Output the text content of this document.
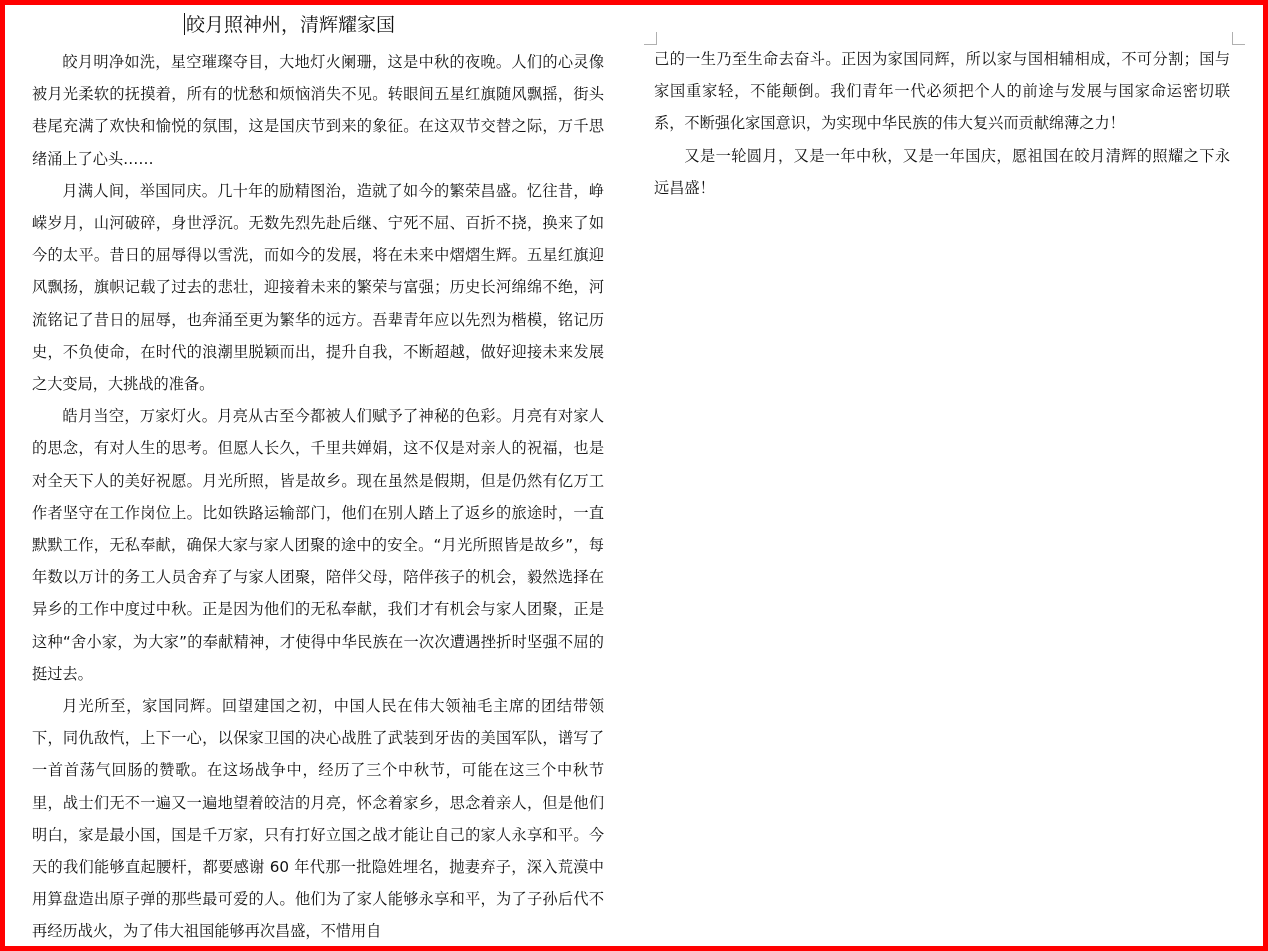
皎月照神州，清辉耀家国

皎月明净如洗，星空璀璨夺目，大地灯火阑珊，这是中秋的夜晚。人们的心灵像被月光柔软的抚摸着，所有的忧愁和烦恼消失不见。转眼间五星红旗随风飘摇，街头巷尾充满了欢快和愉悦的氛围，这是国庆节到来的象征。在这双节交替之际，万千思绪涌上了心头……

月满人间，举国同庆。几十年的励精图治，造就了如今的繁荣昌盛。忆往昔，峥嵘岁月，山河破碎，身世浮沉。无数先烈先赴后继、宁死不屈、百折不挠，换来了如今的太平。昔日的屈辱得以雪洗，而如今的发展，将在未来中熠熠生辉。五星红旗迎风飘扬，旗帜记载了过去的悲壮，迎接着未来的繁荣与富强；历史长河绵绵不绝，河流铭记了昔日的屈辱，也奔涌至更为繁华的远方。吾辈青年应以先烈为楷模，铭记历史，不负使命，在时代的浪潮里脱颖而出，提升自我，不断超越，做好迎接未来发展之大变局，大挑战的准备。

皓月当空，万家灯火。月亮从古至今都被人们赋予了神秘的色彩。月亮有对家人的思念，有对人生的思考。但愿人长久，千里共婵娟，这不仅是对亲人的祝福，也是对全天下人的美好祝愿。月光所照，皆是故乡。现在虽然是假期，但是仍然有亿万工作者坚守在工作岗位上。比如铁路运输部门，他们在别人踏上了返乡的旅途时，一直默默工作，无私奉献，确保大家与家人团聚的途中的安全。“月光所照皆是故乡”，每年数以万计的务工人员舍弃了与家人团聚，陪伴父母，陪伴孩子的机会，毅然选择在异乡的工作中度过中秋。正是因为他们的无私奉献，我们才有机会与家人团聚，正是这种“舍小家，为大家”的奉献精神，才使得中华民族在一次次遭遇挫折时坚强不屈的挺过去。

月光所至，家国同辉。回望建国之初，中国人民在伟大领袖毛主席的团结带领下，同仇敌忾，上下一心，以保家卫国的决心战胜了武装到牙齿的美国军队，谱写了一首首荡气回肠的赞歌。在这场战争中，经历了三个中秋节，可能在这三个中秋节里，战士们无不一遍又一遍地望着皎洁的月亮，怀念着家乡，思念着亲人，但是他们明白，家是最小国，国是千万家，只有打好立国之战才能让自己的家人永享和平。今天的我们能够直起腰杆，都要感谢 60 年代那一批隐姓埋名，抛妻弃子，深入荒漠中用算盘造出原子弹的那些最可爱的人。他们为了家人能够永享和平，为了子孙后代不再经历战火，为了伟大祖国能够再次昌盛，不惜用自

己的一生乃至生命去奋斗。正因为家国同辉，所以家与国相辅相成，不可分割；国与家国重家轻，不能颠倒。我们青年一代必须把个人的前途与发展与国家命运密切联系，不断强化家国意识，为实现中华民族的伟大复兴而贡献绵薄之力！

又是一轮圆月，又是一年中秋，又是一年国庆，愿祖国在皎月清辉的照耀之下永远昌盛！
